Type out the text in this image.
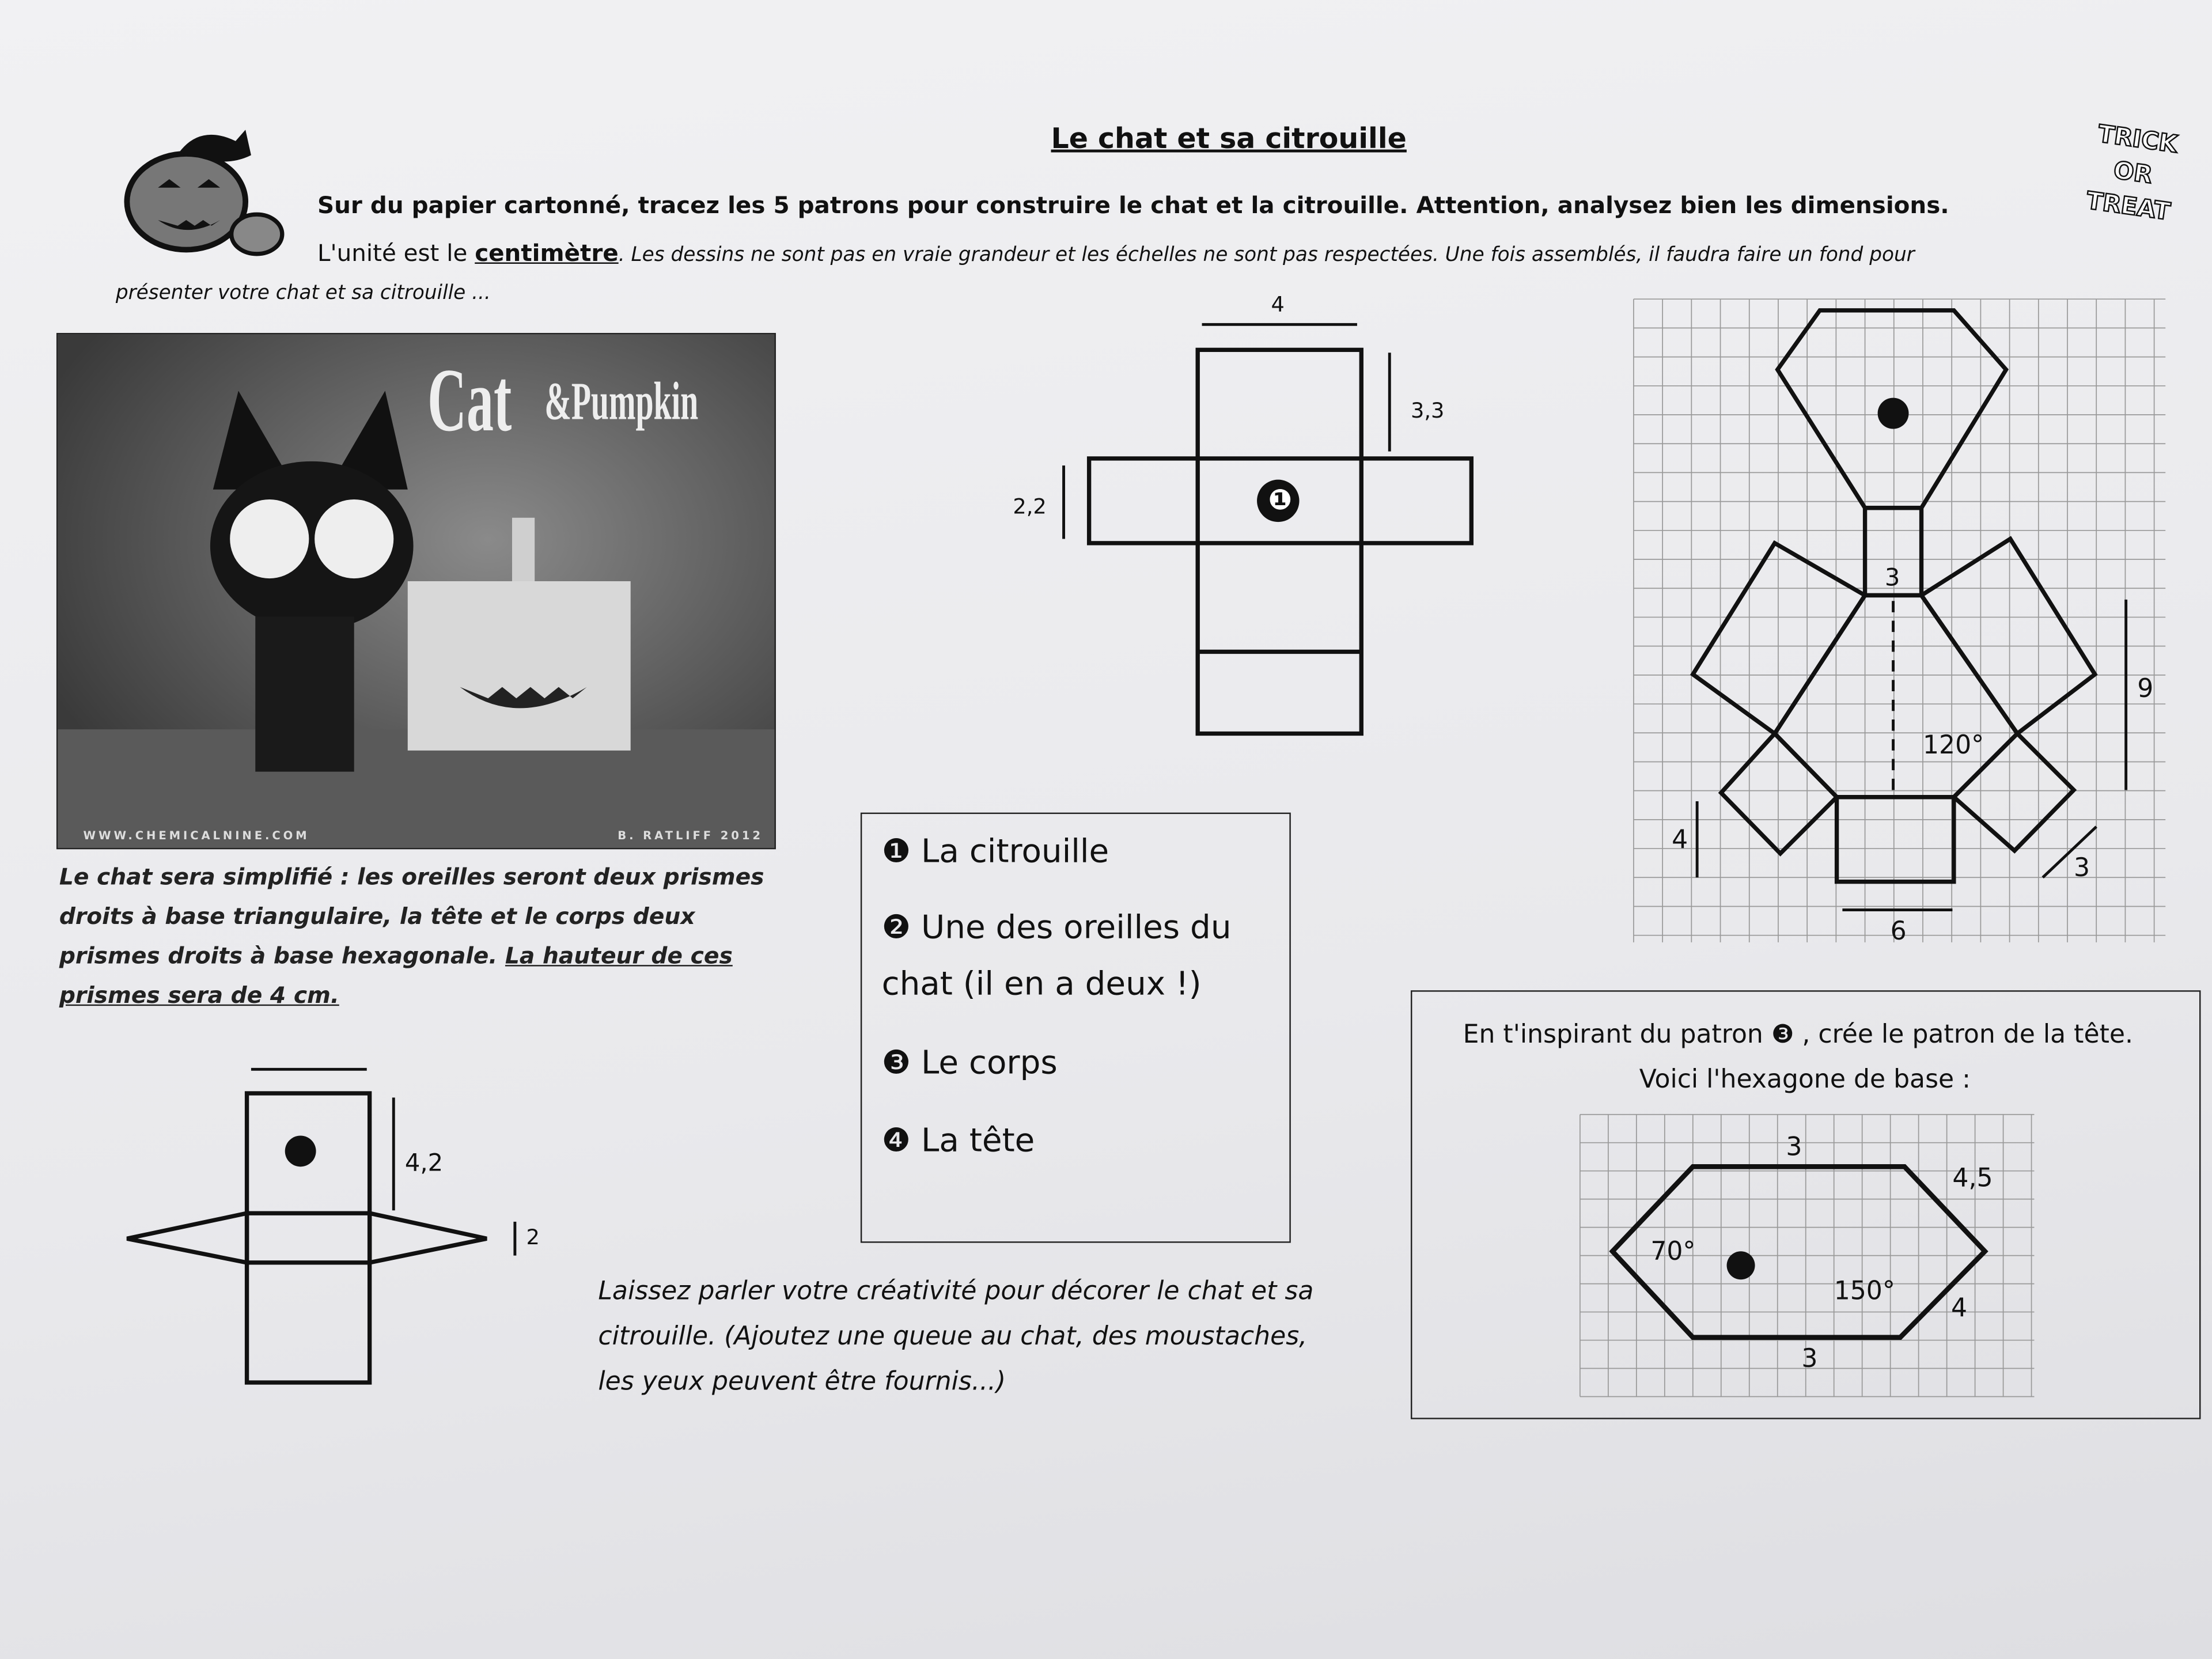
Le chat et sa citrouille	TRICK
OR
TREAT
Sur du papier cartonné, tracez les 5 patrons pour construire le chat et la citrouille. Attention, analysez bien les dimensions.
L'unité est le centimètre. Les dessins ne sont pas en vraie grandeur et les échelles ne sont pas respectées. Une fois assemblés, il faudra faire un fond pour
présenter votre chat et sa citrouille ...
Cat &Pumpkin
WWW.CHEMICALNINE.COM	B. RATLIFF 2012
Le chat sera simplifié : les oreilles seront deux prismes
droits à base triangulaire, la tête et le corps deux
prismes droits à base hexagonale. La hauteur de ces
prismes sera de 4 cm.
4
3,3
2,2	❶
4,2
2
3
120°
9
4
3
6
❶ La citrouille
❷ Une des oreilles du
chat (il en a deux !)
❸ Le corps
❹ La tête
Laissez parler votre créativité pour décorer le chat et sa
citrouille. (Ajoutez une queue au chat, des moustaches,
les yeux peuvent être fournis...)
En t'inspirant du patron ❸ , crée le patron de la tête.
Voici l'hexagone de base :
3
3
4,5
4
70°
150°
